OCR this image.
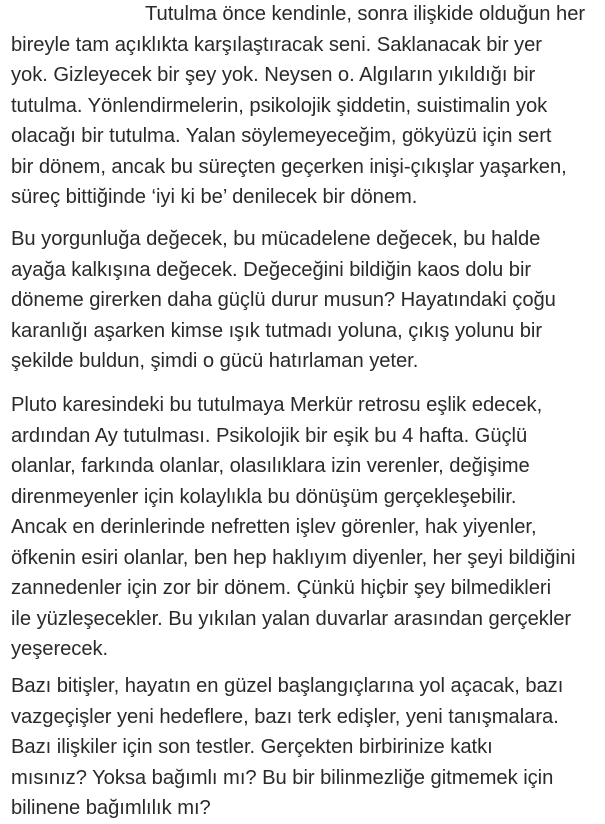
Tutulma önce kendinle, sonra ilişkide olduğun her
bireyle tam açıklıkta karşılaştıracak seni. Saklanacak bir yer
yok. Gizleyecek bir şey yok. Neysen o. Algıların yıkıldığı bir
tutulma. Yönlendirmelerin, psikolojik şiddetin, suistimalin yok
olacağı bir tutulma. Yalan söylemeyeceğim, gökyüzü için sert
bir dönem, ancak bu süreçten geçerken inişi-çıkışlar yaşarken,
süreç bittiğinde ‘iyi ki be’ denilecek bir dönem.
Bu yorgunluğa değecek, bu mücadelene değecek, bu halde
ayağa kalkışına değecek. Değeceğini bildiğin kaos dolu bir
döneme girerken daha güçlü durur musun? Hayatındaki çoğu
karanlığı aşarken kimse ışık tutmadı yoluna, çıkış yolunu bir
şekilde buldun, şimdi o gücü hatırlaman yeter.
Pluto karesindeki bu tutulmaya Merkür retrosu eşlik edecek,
ardından Ay tutulması. Psikolojik bir eşik bu 4 hafta. Güçlü
olanlar, farkında olanlar, olasılıklara izin verenler, değişime
direnmeyenler için kolaylıkla bu dönüşüm gerçekleşebilir.
Ancak en derinlerinde nefretten işlev görenler, hak yiyenler,
öfkenin esiri olanlar, ben hep haklıyım diyenler, her şeyi bildiğini
zannedenler için zor bir dönem. Çünkü hiçbir şey bilmedikleri
ile yüzleşecekler. Bu yıkılan yalan duvarlar arasından gerçekler
yeşerecek.
Bazı bitişler, hayatın en güzel başlangıçlarına yol açacak, bazı
vazgeçişler yeni hedeflere, bazı terk edişler, yeni tanışmalara.
Bazı ilişkiler için son testler. Gerçekten birbirinize katkı
mısınız? Yoksa bağımlı mı? Bu bir bilinmezliğe gitmemek için
bilinene bağımlılık mı?
